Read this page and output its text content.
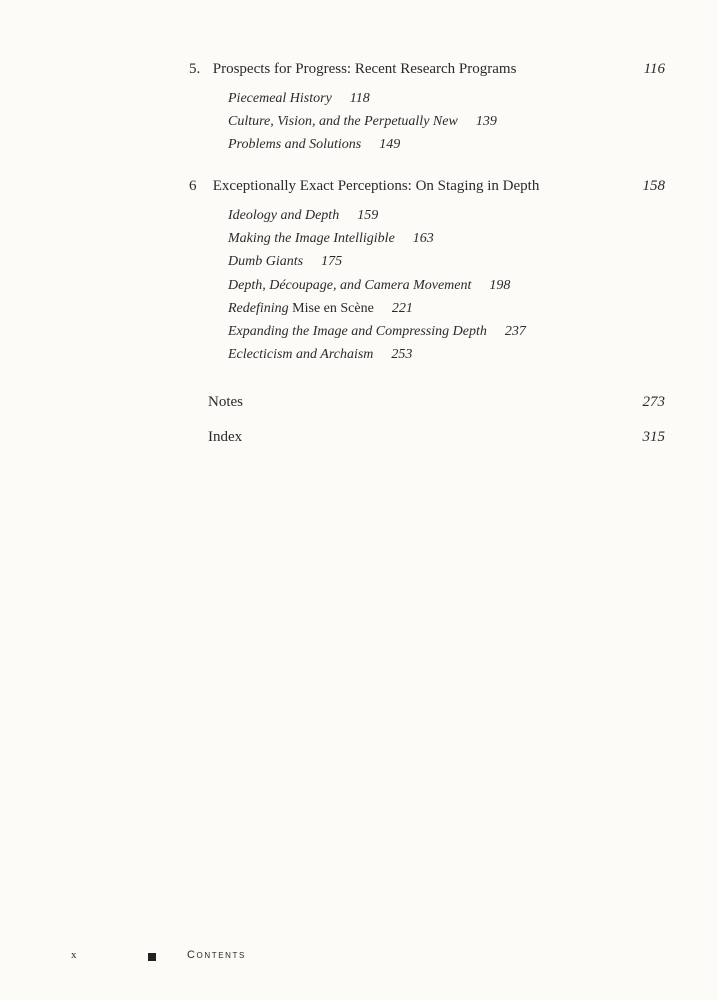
5. Prospects for Progress: Recent Research Programs	116
Piecemeal History 118
Culture, Vision, and the Perpetually New 139
Problems and Solutions 149
6 Exceptionally Exact Perceptions: On Staging in Depth	158
Ideology and Depth 159
Making the Image Intelligible 163
Dumb Giants 175
Depth, Découpage, and Camera Movement 198
Redefining Mise en Scène 221
Expanding the Image and Compressing Depth 237
Eclecticism and Archaism 253
Notes	273
Index	315
x	Contents
